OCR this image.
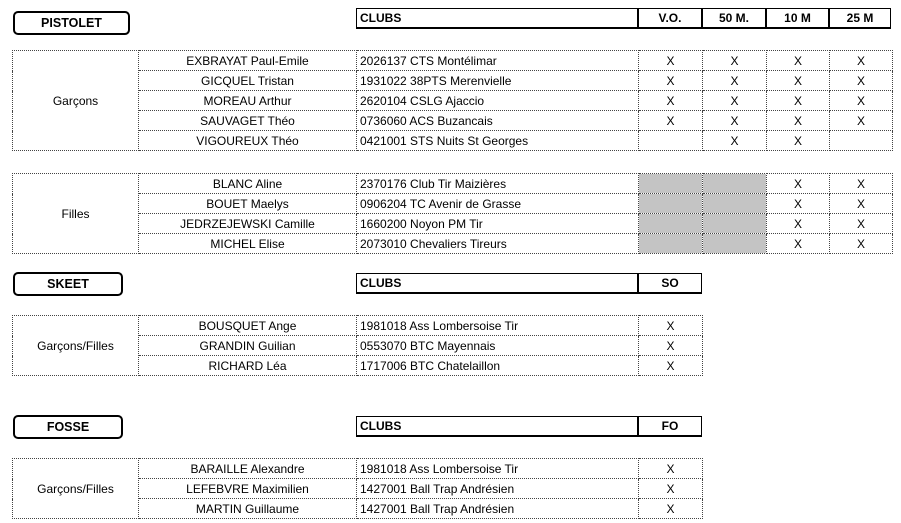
PISTOLET	CLUBS	V.O.	50 M.	10 M	25 M
Garçons	EXBRAYAT Paul-Emile	2026137 CTS Montélimar	X	X	X	X
	GICQUEL Tristan	1931022 38PTS Merenvielle	X	X	X	X
	MOREAU Arthur	2620104 CSLG Ajaccio	X	X	X	X
	SAUVAGET Théo	0736060 ACS Buzancais	X	X	X	X
	VIGOUREUX Théo	0421001 STS Nuits St Georges		X	X	
Filles	BLANC Aline	2370176 Club Tir Maizières			X	X
	BOUET Maelys	0906204 TC Avenir de Grasse			X	X
	JEDRZEJEWSKI Camille	1660200 Noyon PM Tir			X	X
	MICHEL Elise	2073010 Chevaliers Tireurs			X	X
SKEET	CLUBS	SO
Garçons/Filles	BOUSQUET Ange	1981018 Ass Lombersoise Tir	X
	GRANDIN Guilian	0553070 BTC Mayennais	X
	RICHARD Léa	1717006 BTC Chatelaillon	X
FOSSE	CLUBS	FO
Garçons/Filles	BARAILLE Alexandre	1981018 Ass Lombersoise Tir	X
	LEFEBVRE Maximilien	1427001 Ball Trap Andrésien	X
	MARTIN Guillaume	1427001 Ball Trap Andrésien	X
